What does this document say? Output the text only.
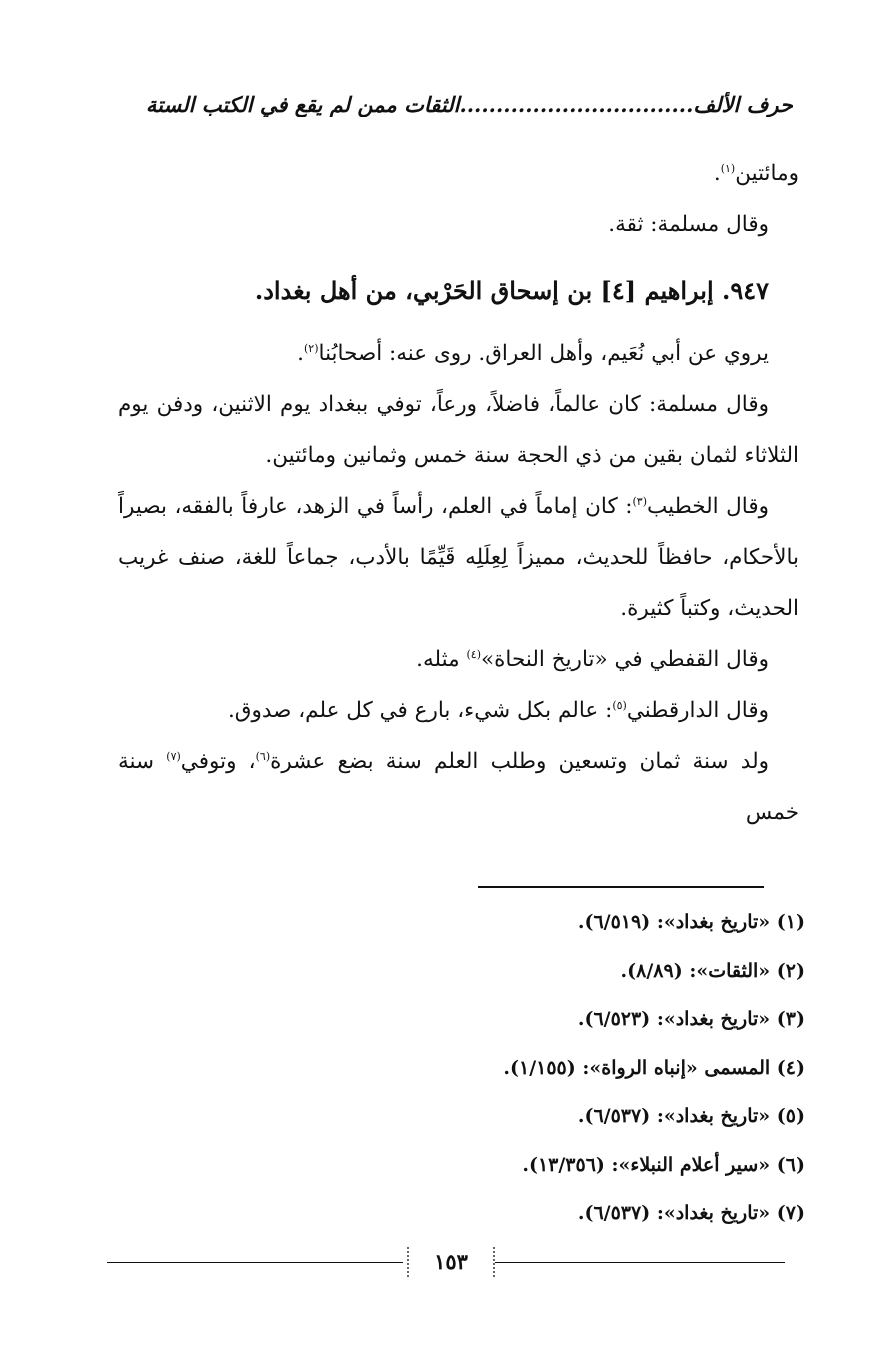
حرف الألف................................الثقات ممن لم يقع في الكتب الستة

ومائتين$^{(١)}$.

وقال مسلمة: ثقة.

٩٤٧. إبراهيم [٤] بن إسحاق الحَرْبي، من أهل بغداد.

يروي عن أبي نُعَيم، وأهل العراق. روى عنه: أصحابُنا$^{(٢)}$.

وقال مسلمة: كان عالماً، فاضلاً، ورعاً، توفي ببغداد يوم الاثنين، ودفن يوم الثلاثاء لثمان بقين من ذي الحجة سنة خمس وثمانين ومائتين.

وقال الخطيب$^{(٣)}$: كان إماماً في العلم، رأساً في الزهد، عارفاً بالفقه، بصيراً بالأحكام، حافظاً للحديث، مميزاً لِعِلَلِه قَيِّمًا بالأدب، جماعاً للغة، صنف غريب الحديث، وكتباً كثيرة.

وقال القفطي في «تاريخ النحاة»$^{(٤)}$ مثله.

وقال الدارقطني$^{(٥)}$: عالم بكل شيء، بارع في كل علم، صدوق.

ولد سنة ثمان وتسعين وطلب العلم سنة بضع عشرة$^{(٦)}$، وتوفي$^{(٧)}$ سنة خمس

(١) «تاريخ بغداد»: (٦/٥١٩).
(٢) «الثقات»: (٨/٨٩).
(٣) «تاريخ بغداد»: (٦/٥٢٣).
(٤) المسمى «إنباه الرواة»: (١/١٥٥).
(٥) «تاريخ بغداد»: (٦/٥٣٧).
(٦) «سير أعلام النبلاء»: (١٣/٣٥٦).
(٧) «تاريخ بغداد»: (٦/٥٣٧).
١٥٣
